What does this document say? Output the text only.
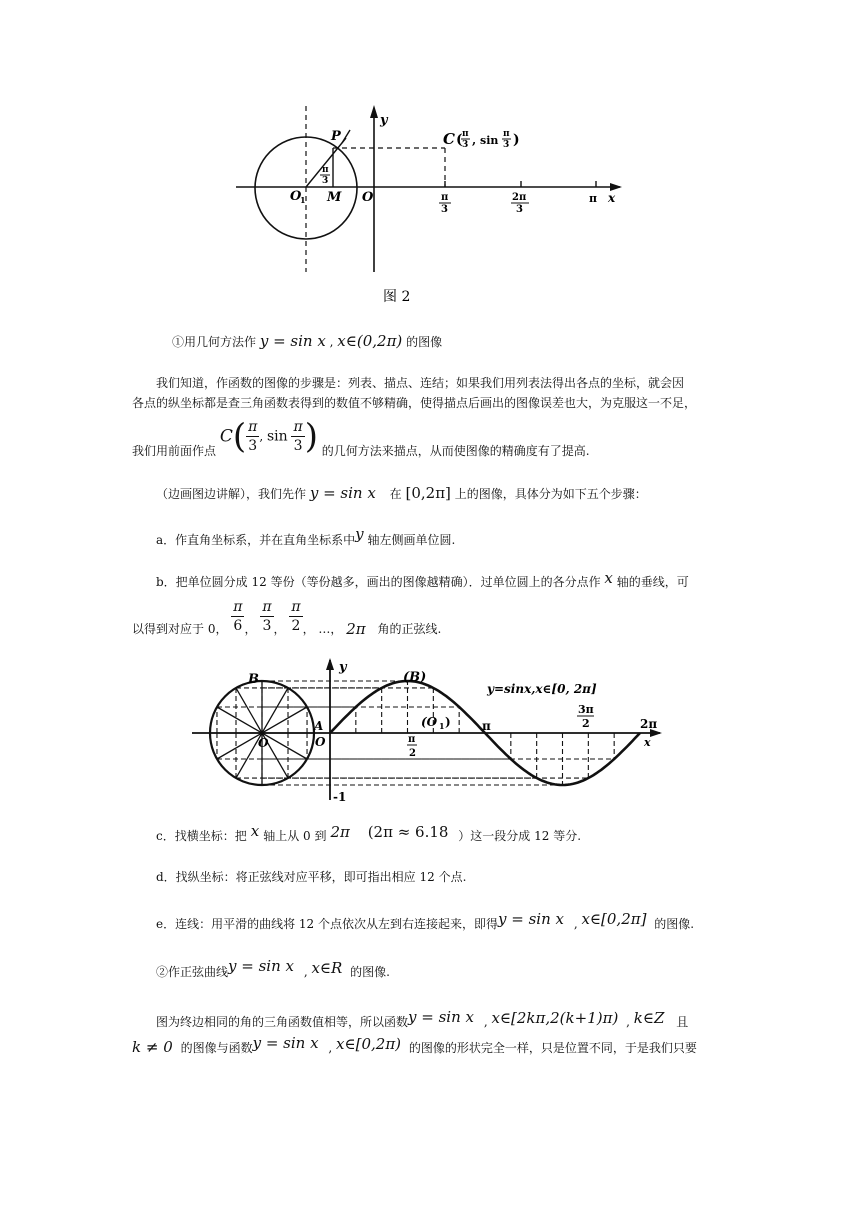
y
P
O
1 M O
π
3
C ( π
3 , sin π
3 )
π
3
2π
3
π x
图 2
①用几何方法作 y = sin x , x∈(0,2π) 的图像
我们知道，作函数的图像的步骤是：列表、描点、连结；如果我们用列表法得出各点的坐标，就会因
各点的纵坐标都是查三角函数表得到的数值不够精确，使得描点后画出的图像误差也大，为克服这一不足，
我们用前面作点 $C( \frac{\pi}{3}$ , $\sin \frac{\pi}{3}$ ) 的几何方法来描点，从而使图像的精确度有了提高.
（边画图边讲解），我们先作 y = sin x 在 [0,2π] 上的图像，具体分为如下五个步骤：
a．作直角坐标系，并在直角坐标系中y 轴左侧画单位圆.
b．把单位圆分成 12 等份（等份越多，画出的图像越精确）．过单位圆上的各分点作 x 轴的垂线，可
以得到对应于 0， $\frac{\pi}{6}$ ， $\frac{\pi}{3}$ ， $\frac{\pi}{2}$ ， …， 2π 角的正弦线.
B	(B)
y
y=sinx,x∈[0, 2π]
(O 1 )
A
O
O
π
π
2
3π
2	2π
x
-1
c．找横坐标：把 x 轴上从 0 到 2π (2π ≈ 6.18 ）这一段分成 12 等分.
d．找纵坐标：将正弦线对应平移，即可指出相应 12 个点.
e．连线：用平滑的曲线将 12 个点依次从左到右连接起来，即得y = sin x , x∈[0,2π] 的图像.
②作正弦曲线y = sin x , x∈R 的图像.
图为终边相同的角的三角函数值相等，所以函数y = sin x , x∈[2kπ,2(k+1)π) , k∈Z 且
k ≠ 0 的图像与函数y = sin x , x∈[0,2π) 的图像的形状完全一样，只是位置不同，于是我们只要
